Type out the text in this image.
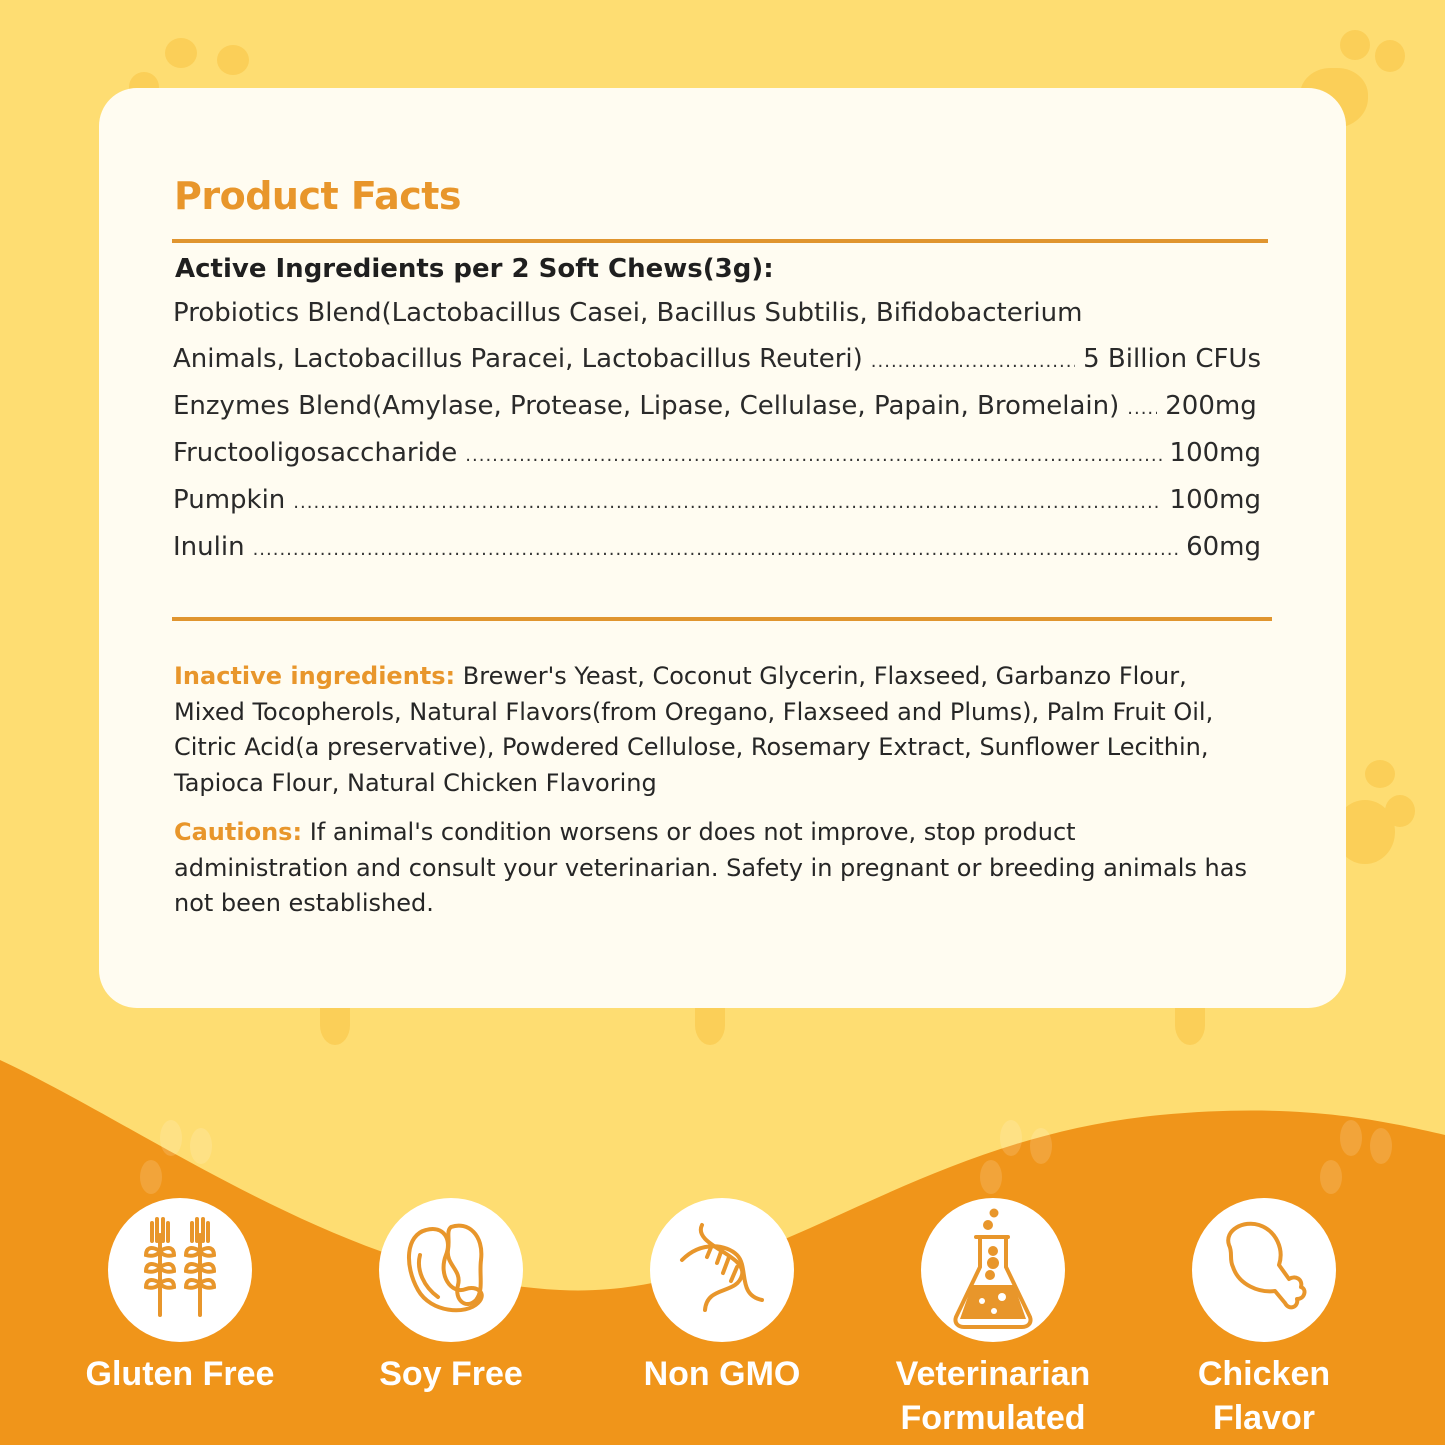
Product Facts
Active Ingredients per 2 Soft Chews(3g):
Probiotics Blend(Lactobacillus Casei, Bacillus Subtilis, Bifidobacterium
Animals, Lactobacillus Paracei, Lactobacillus Reuteri) .....	5 Billion CFUs
Enzymes Blend(Amylase, Protease, Lipase, Cellulase, Papain, Bromelain) ..... 200mg
Fructooligosaccharide .....	100mg
Pumpkin .....	100mg
Inulin .....	60mg
Inactive ingredients: Brewer's Yeast, Coconut Glycerin, Flaxseed, Garbanzo Flour, Mixed Tocopherols, Natural Flavors(from Oregano, Flaxseed and Plums), Palm Fruit Oil, Citric Acid(a preservative), Powdered Cellulose, Rosemary Extract, Sunflower Lecithin, Tapioca Flour, Natural Chicken Flavoring
Cautions: If animal's condition worsens or does not improve, stop product administration and consult your veterinarian. Safety in pregnant or breeding animals has not been established.
Gluten Free	Soy Free	Non GMO	Veterinarian Formulated
Chicken Flavor
